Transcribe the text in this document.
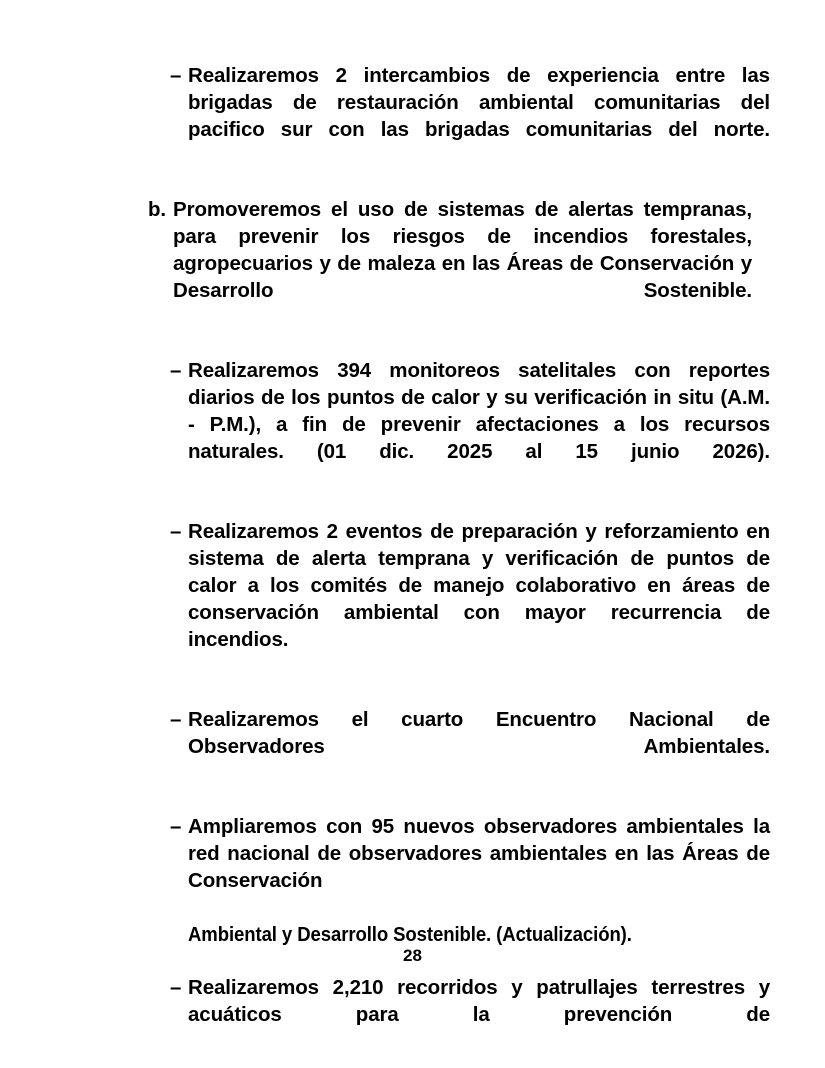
– Realizaremos 2 intercambios de experiencia entre las brigadas de restauración ambiental comunitarias del pacifico sur con las brigadas comunitarias del norte.
b. Promoveremos el uso de sistemas de alertas tempranas, para prevenir los riesgos de incendios forestales, agropecuarios y de maleza en las Áreas de Conservación y Desarrollo Sostenible.
– Realizaremos 394 monitoreos satelitales con reportes diarios de los puntos de calor y su verificación in situ (A.M. - P.M.), a fin de prevenir afectaciones a los recursos naturales. (01 dic. 2025 al 15 junio 2026).
– Realizaremos 2 eventos de preparación y reforzamiento en sistema de alerta temprana y verificación de puntos de calor a los comités de manejo colaborativo en áreas de conservación ambiental con mayor recurrencia de incendios.
– Realizaremos el cuarto Encuentro Nacional de Observadores Ambientales.
– Ampliaremos con 95 nuevos observadores ambientales la red nacional de observadores ambientales en las Áreas de Conservación
Ambiental y Desarrollo Sostenible. (Actualización).
– Realizaremos 2,210 recorridos y patrullajes terrestres y acuáticos para la prevención de
28
